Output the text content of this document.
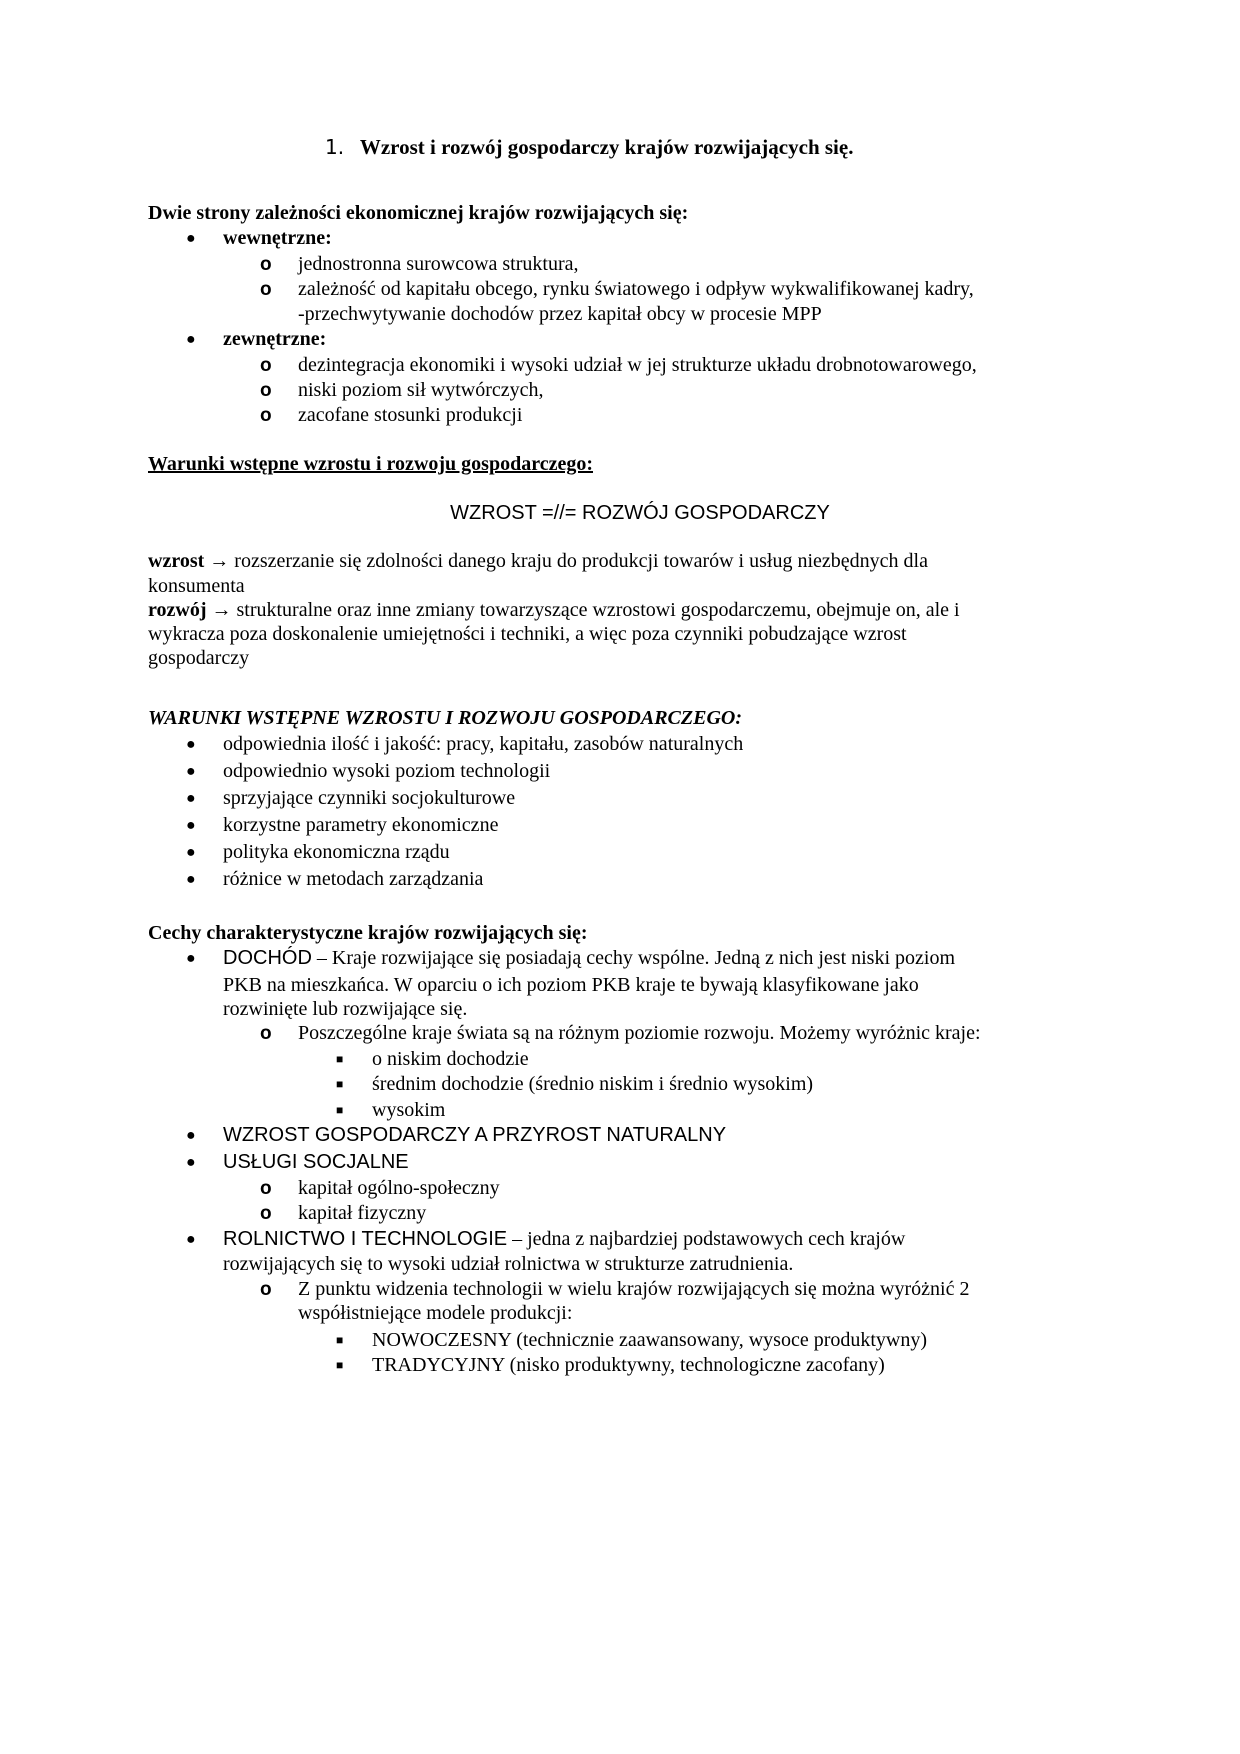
1. Wzrost i rozwój gospodarczy krajów rozwijających się.
Dwie strony zależności ekonomicznej krajów rozwijających się:
● wewnętrzne:
o jednostronna surowcowa struktura,
o zależność od kapitału obcego, rynku światowego i odpływ wykwalifikowanej kadry,
-przechwytywanie dochodów przez kapitał obcy w procesie MPP
● zewnętrzne:
o dezintegracja ekonomiki i wysoki udział w jej strukturze układu drobnotowarowego,
o niski poziom sił wytwórczych,
o zacofane stosunki produkcji
Warunki wstępne wzrostu i rozwoju gospodarczego:
WZROST =//= ROZWÓJ GOSPODARCZY
wzrost → rozszerzanie się zdolności danego kraju do produkcji towarów i usług niezbędnych dla
konsumenta
rozwój → strukturalne oraz inne zmiany towarzyszące wzrostowi gospodarczemu, obejmuje on, ale i
wykracza poza doskonalenie umiejętności i techniki, a więc poza czynniki pobudzające wzrost
gospodarczy
WARUNKI WSTĘPNE WZROSTU I ROZWOJU GOSPODARCZEGO:
● odpowiednia ilość i jakość: pracy, kapitału, zasobów naturalnych
● odpowiednio wysoki poziom technologii
● sprzyjające czynniki socjokulturowe
● korzystne parametry ekonomiczne
● polityka ekonomiczna rządu
● różnice w metodach zarządzania
Cechy charakterystyczne krajów rozwijających się:
● DOCHÓD – Kraje rozwijające się posiadają cechy wspólne. Jedną z nich jest niski poziom
PKB na mieszkańca. W oparciu o ich poziom PKB kraje te bywają klasyfikowane jako
rozwinięte lub rozwijające się.
o Poszczególne kraje świata są na różnym poziomie rozwoju. Możemy wyróżnic kraje:
■ o niskim dochodzie
■ średnim dochodzie (średnio niskim i średnio wysokim)
■ wysokim
● WZROST GOSPODARCZY A PRZYROST NATURALNY
● USŁUGI SOCJALNE
o kapitał ogólno-społeczny
o kapitał fizyczny
● ROLNICTWO I TECHNOLOGIE – jedna z najbardziej podstawowych cech krajów
rozwijających się to wysoki udział rolnictwa w strukturze zatrudnienia.
o Z punktu widzenia technologii w wielu krajów rozwijających się można wyróżnić 2
współistniejące modele produkcji:
■ NOWOCZESNY (technicznie zaawansowany, wysoce produktywny)
■ TRADYCYJNY (nisko produktywny, technologiczne zacofany)
